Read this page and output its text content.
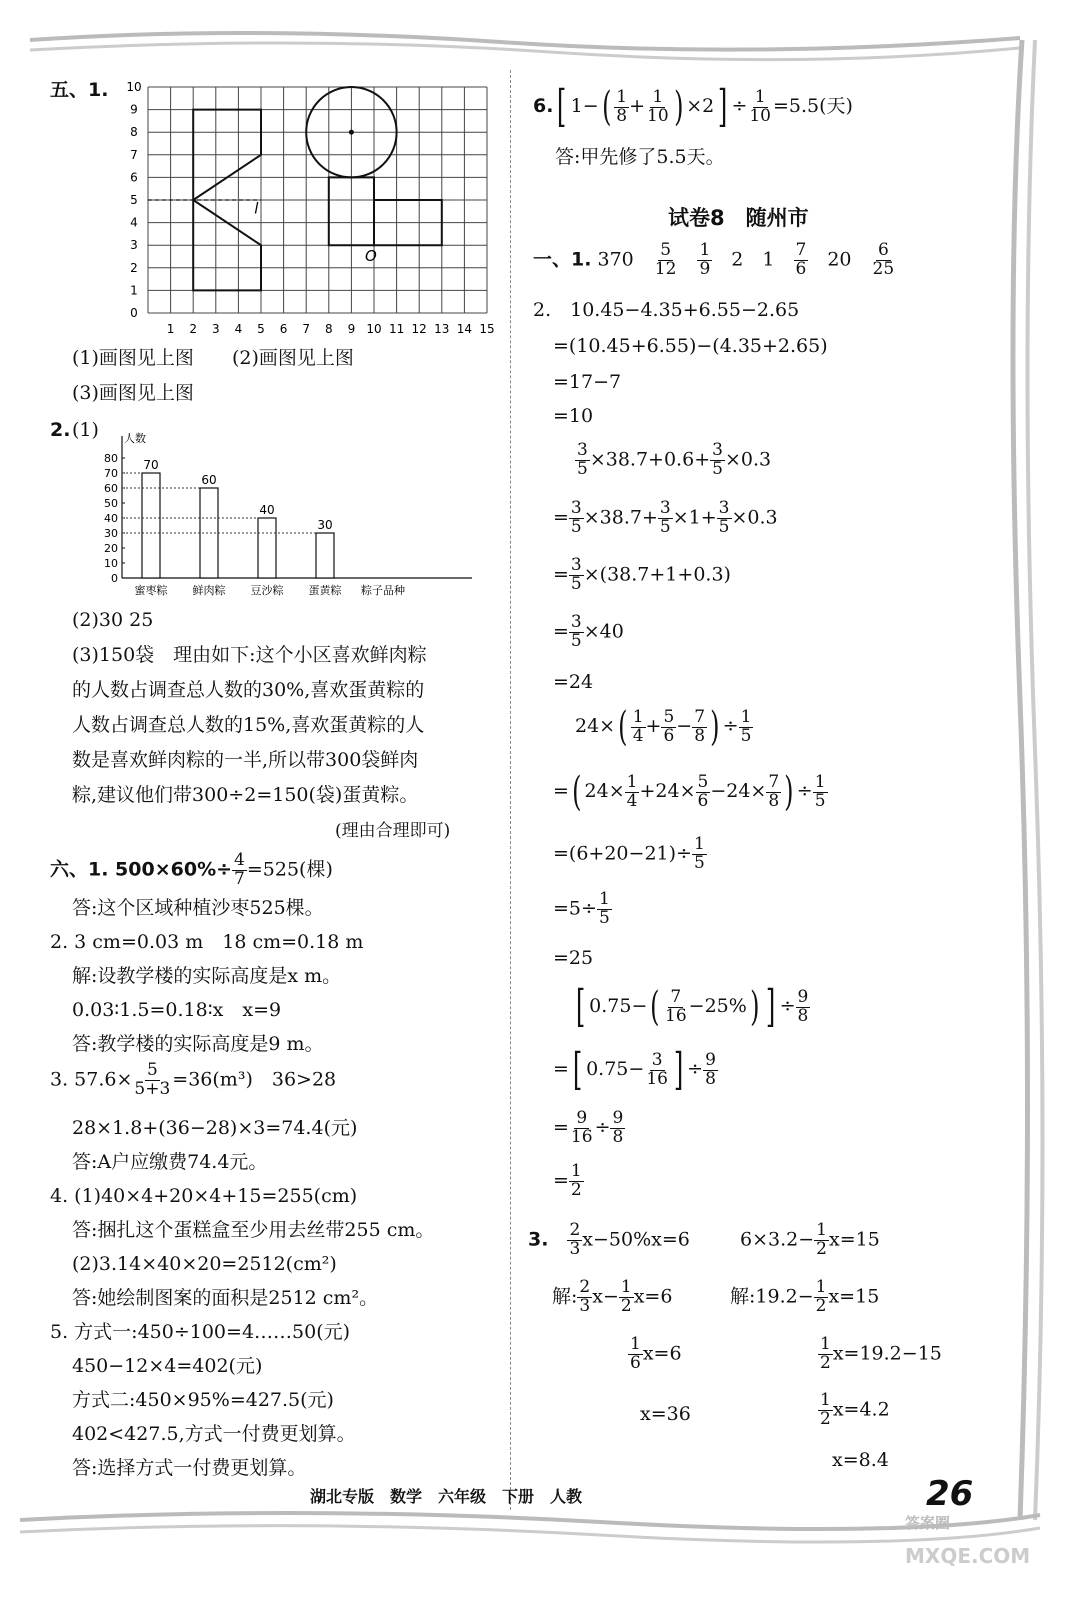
五、1. 10
9
8
7
6
5
4
3
2
1
0
1 2 3 4 5 6 7 8 9 10 11 12 13 14 15
l
O
(1)画图见上图 (2)画图见上图
(3)画图见上图
2. (1) 人数
0
10
20
30
40
50
60
70
80 70
蜜枣粽
60
鲜肉粽
40
豆沙粽
30
蛋黄粽 粽子品种
(2)30 25
(3)150袋　理由如下:这个小区喜欢鲜肉粽
的人数占调查总人数的30%,喜欢蛋黄粽的
人数占调查总人数的15%,喜欢蛋黄粽的人
数是喜欢鲜肉粽的一半,所以带300袋鲜肉
粽,建议他们带300÷2=150(袋)蛋黄粽。
(理由合理即可)
六、1. $500\times 60\%\div \frac{4}{7} =525$(棵)
答:这个区域种植沙枣525棵。
2. 3 cm=0.03 m　18 cm=0.18 m
解:设教学楼的实际高度是x m。
0.03∶1.5=0.18∶x　x=9
答:教学楼的实际高度是9 m。
3. $57.6\times \frac{5}{5+3} =36(m^3)$　36>28
28×1.8+(36−28)×3=74.4(元)
答:A户应缴费74.4元。
4. (1)40×4+20×4+15=255(cm)
答:捆扎这个蛋糕盒至少用去丝带255 cm。
(2)3.14×40×20=2512(cm²)
答:她绘制图案的面积是2512 cm²。
5. 方式一:450÷100=4……50(元)
450−12×4=402(元)
方式二:450×95%=427.5(元)
402<427.5,方式一付费更划算。
答:选择方式一付费更划算。
6.[ $1-( \frac{1}{8} + \frac{1}{10}$ ) $\times 2] \div \frac{1}{10} =5.5$(天)
答:甲先修了5.5天。
试卷8　随州市
一、1. 370　 $\frac{5}{12}$
　 $\frac{1}{9}$
　 2　 1　 $\frac{7}{6}$
　 20　 $\frac{6}{25}$
2.　10.45−4.35+6.55−2.65
=(10.45+6.55)−(4.35+2.65)
=17−7
=10
$\frac{3}{5} \times 38.7+0.6+ \frac{3}{5} \times 0.3$
= $\frac{3}{5} \times 38.7+ \frac{3}{5} \times 1+ \frac{3}{5} \times 0.3$
= $\frac{3}{5} \times(38.7+1+0.3)$
= $\frac{3}{5} \times 40$
=24
$24\times( \frac{1}{4} + \frac{5}{6} - \frac{7}{8}$ ) ÷ $\frac{1}{5}$
=( $24\times \frac{1}{4} +24\times \frac{5}{6} -24\times \frac{7}{8}$ ) ÷ $\frac{1}{5}$
$=(6+20-21)\div \frac{1}{5}$
$=5\div \frac{1}{5}$
=25
[ $0.75-( \frac{7}{16} -25\%)$ ] ÷ $\frac{9}{8}$
=[ $0.75- \frac{3}{16}$ ] ÷ $\frac{9}{8}$
= $\frac{9}{16} \div \frac{9}{8}$
= $\frac{1}{2}$
3.　 $\frac{2}{3} x-50\%x=6$	$6\times 3.2- \frac{1}{2} x=15$
解: $\frac{2}{3} x- \frac{1}{2} x=6$	解:19.2− $\frac{1}{2} x=15$
$\frac{1}{6} x=6$	$\frac{1}{2} x=19.2-15$
x=36	$\frac{1}{2} x=4.2$
x=8.4
湖北专版　数学　六年级　下册　人教	26
答案圈
MXQE.COM
